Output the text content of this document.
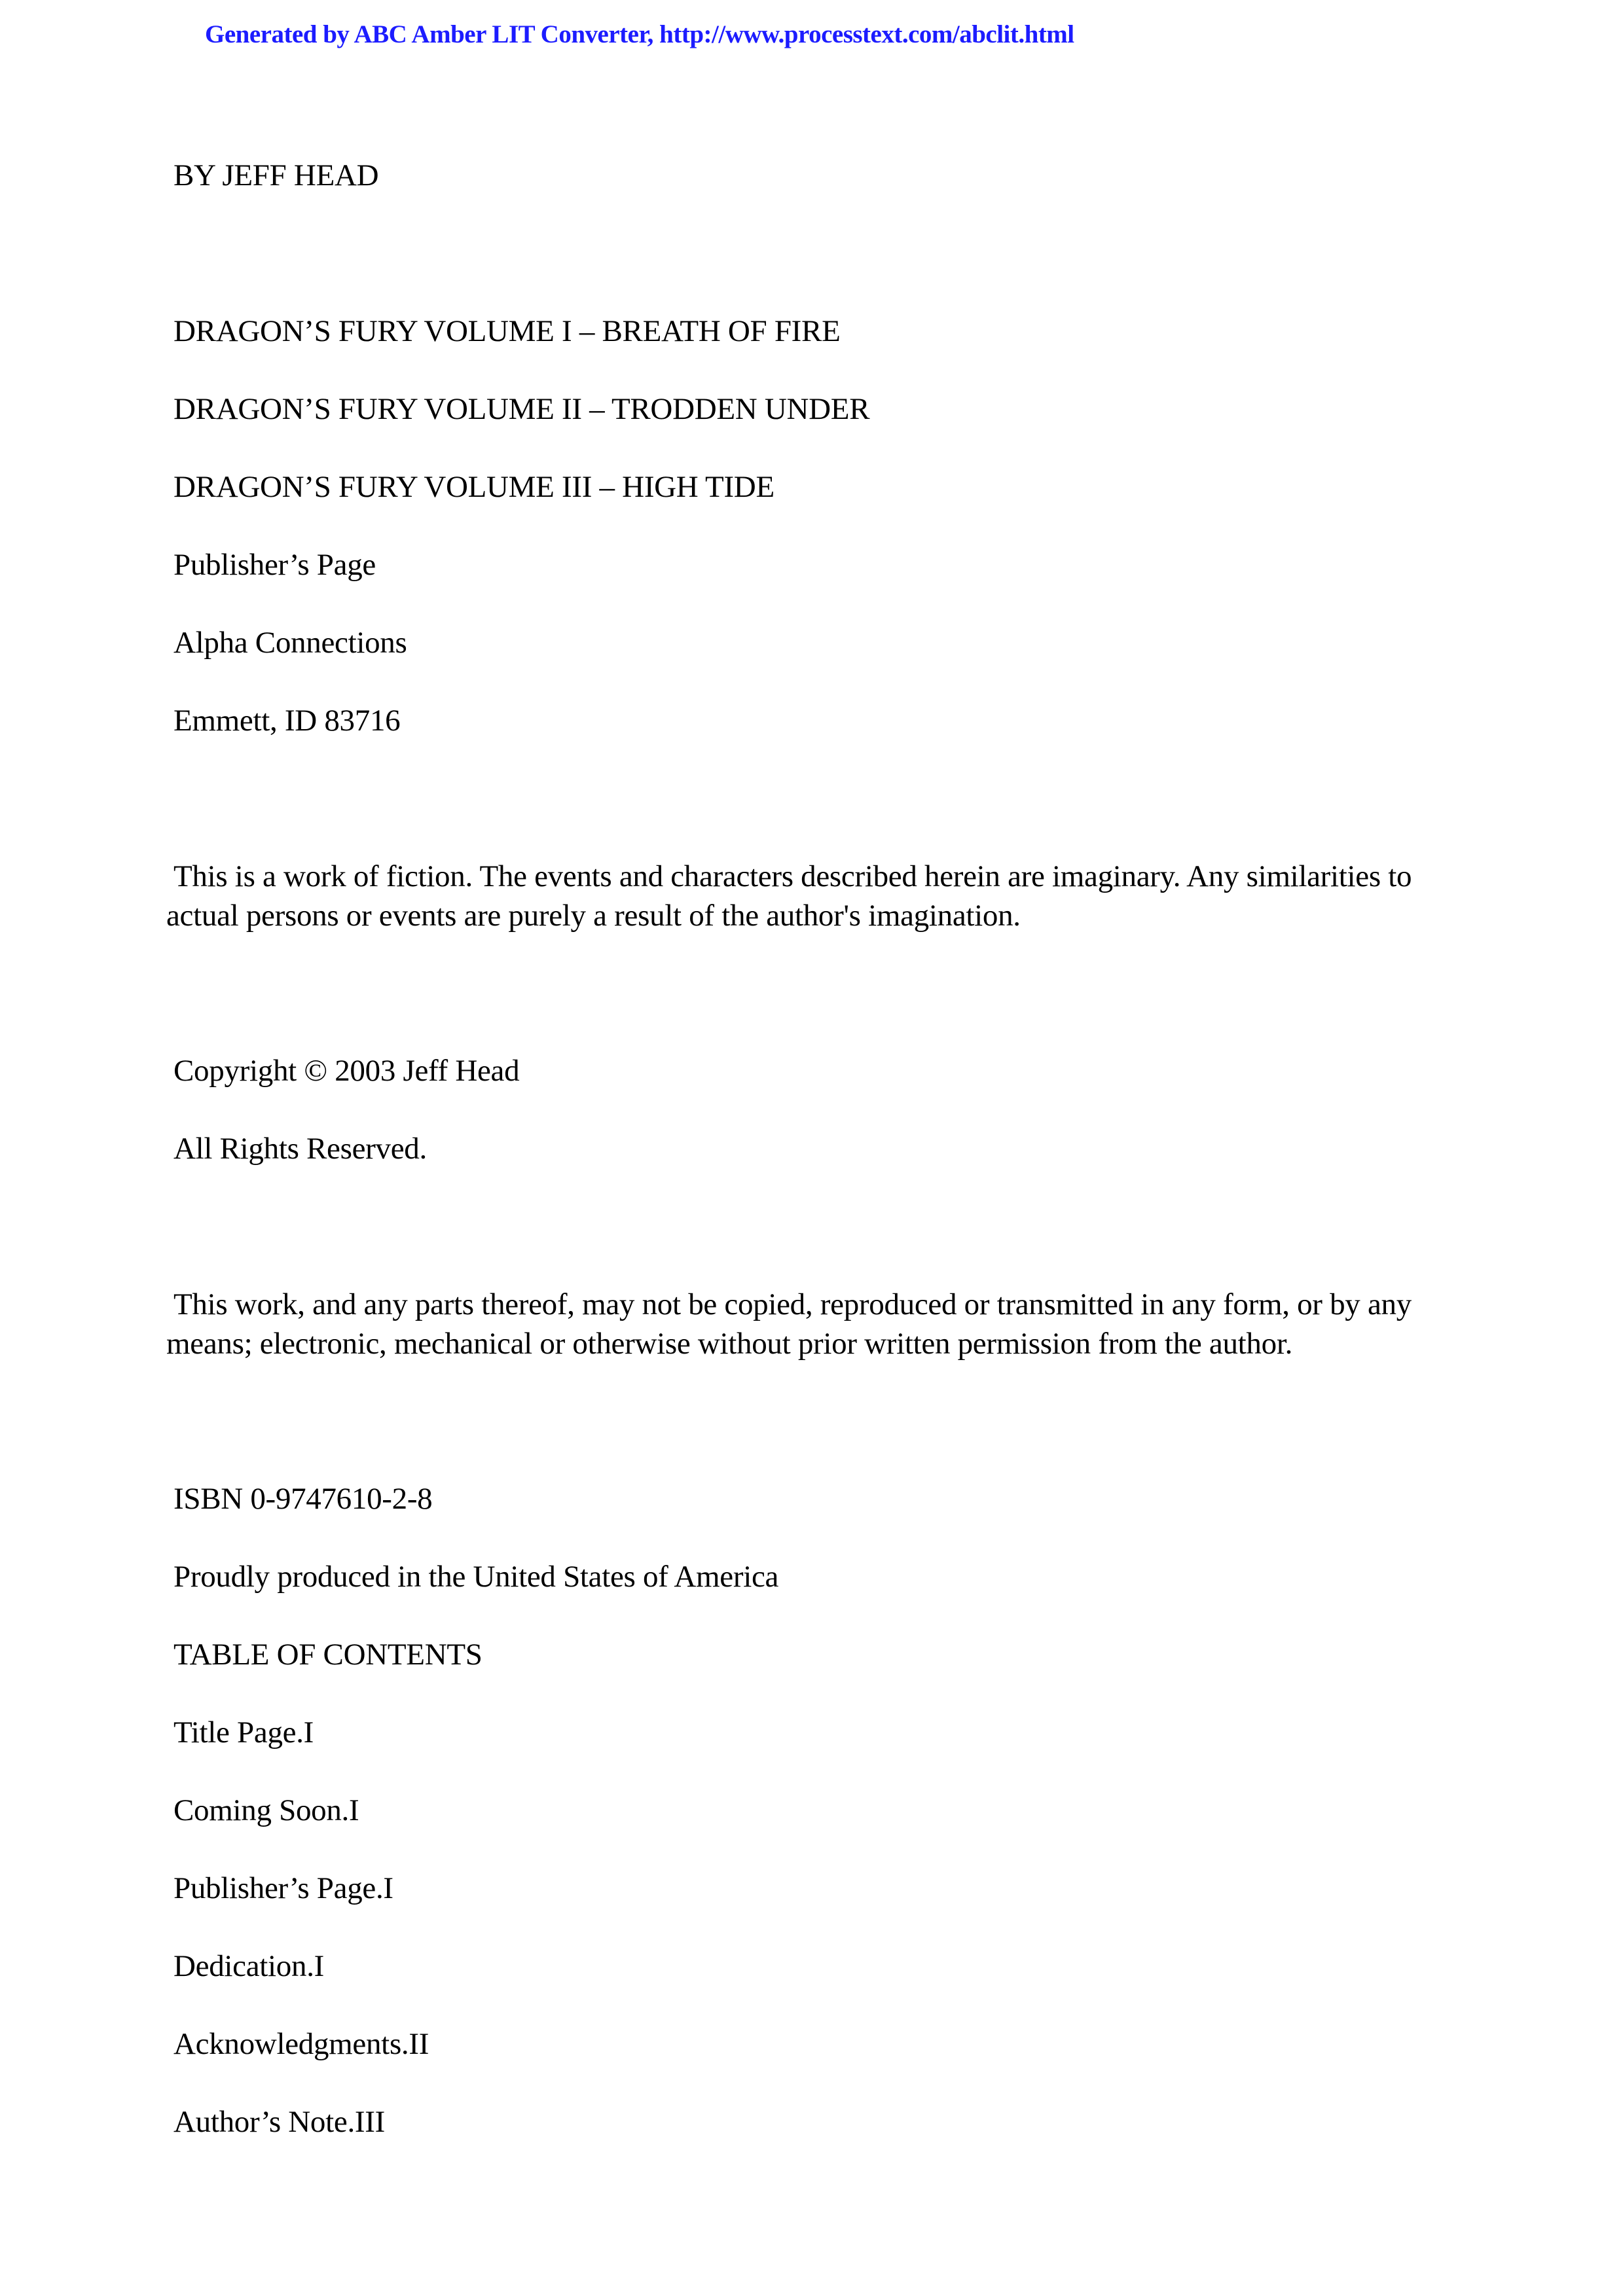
Generated by ABC Amber LIT Converter, http://www.processtext.com/abclit.html
BY JEFF HEAD
DRAGON’S FURY VOLUME I – BREATH OF FIRE
DRAGON’S FURY VOLUME II – TRODDEN UNDER
DRAGON’S FURY VOLUME III – HIGH TIDE
Publisher’s Page
Alpha Connections
Emmett, ID 83716
This is a work of fiction. The events and characters described herein are imaginary. Any similarities to
actual persons or events are purely a result of the author's imagination.
Copyright © 2003 Jeff Head
All Rights Reserved.
This work, and any parts thereof, may not be copied, reproduced or transmitted in any form, or by any
means; electronic, mechanical or otherwise without prior written permission from the author.
ISBN 0-9747610-2-8
Proudly produced in the United States of America
TABLE OF CONTENTS
Title Page.I
Coming Soon.I
Publisher’s Page.I
Dedication.I
Acknowledgments.II
Author’s Note.III
